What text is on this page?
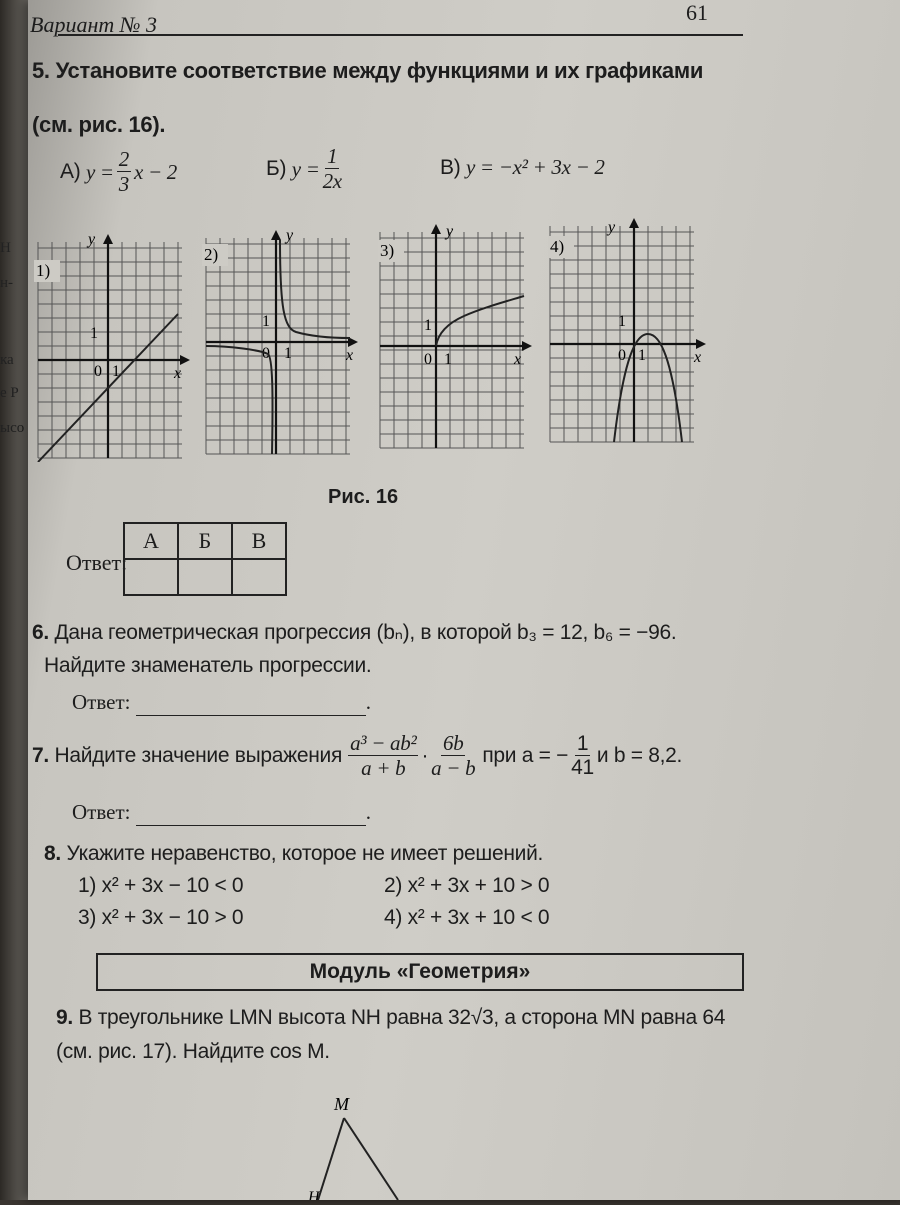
Н
н-
ка
е Р
ысо
Вариант № 3	61
5. Установите соответствие между функциями и их графиками
(см. рис. 16).
А)
$y = \frac{2}{3}$ x − 2	Б)
$y = \frac{1}{2x}$	В) y = −x² + 3x − 2
1)
y
x
1
0 1
2)
y
x
1
0 1
3)
y
x
1
0 1
4)
y
x
1
0 1
Рис. 16
Ответ:
А	Б	В

6. Дана геометрическая прогрессия (bₙ), в которой b₃ = 12, b₆ = −96.
Найдите знаменатель прогрессии.
Ответ:	.
7.
Найдите значение выражения $\frac{\text{a³ − ab²}}{a + b} \cdot \frac{6b}{a - b}$ при a = − $\frac{1}{41}$ и b = 8,2.
Ответ:	.
8. Укажите неравенство, которое не имеет решений.
1) x² + 3x − 10 < 0	2) x² + 3x + 10 > 0
3) x² + 3x − 10 > 0	4) x² + 3x + 10 < 0
Модуль «Геометрия»
9. В треугольнике LMN высота NH равна 32√3, а сторона MN равна 64
(см. рис. 17). Найдите cos M.
M
H
